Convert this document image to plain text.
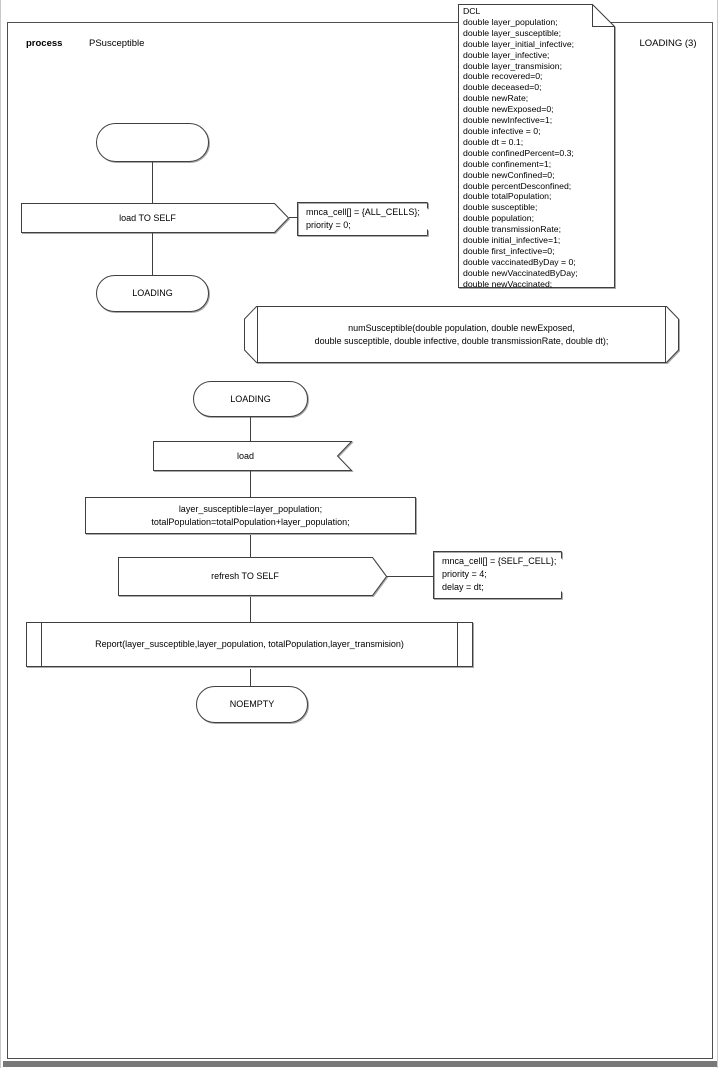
process	PSusceptible	LOADING (3)
DCL
double layer_population;
double layer_susceptible;
double layer_initial_infective;
double layer_infective;
double layer_transmision;
double recovered=0;
double deceased=0;
double newRate;
double newExposed=0;
double newInfective=1;
double infective = 0;
double dt = 0.1;
double confinedPercent=0.3;
double confinement=1;
double newConfined=0;
double percentDesconfined;
double totalPopulation;
double susceptible;
double population;
double transmissionRate;
double initial_infective=1;
double first_infective=0;
double vaccinatedByDay = 0;
double newVaccinatedByDay;
double newVaccinated;
load TO SELF
mnca_cell[] = {ALL_CELLS};
priority = 0;
LOADING
numSusceptible(double population, double newExposed,
double susceptible, double infective, double transmissionRate, double dt);
LOADING
load
layer_susceptible=layer_population;
totalPopulation=totalPopulation+layer_population;
refresh TO SELF
mnca_cell[] = {SELF_CELL};
priority = 4;
delay = dt;
Report(layer_susceptible,layer_population, totalPopulation,layer_transmision)
NOEMPTY
